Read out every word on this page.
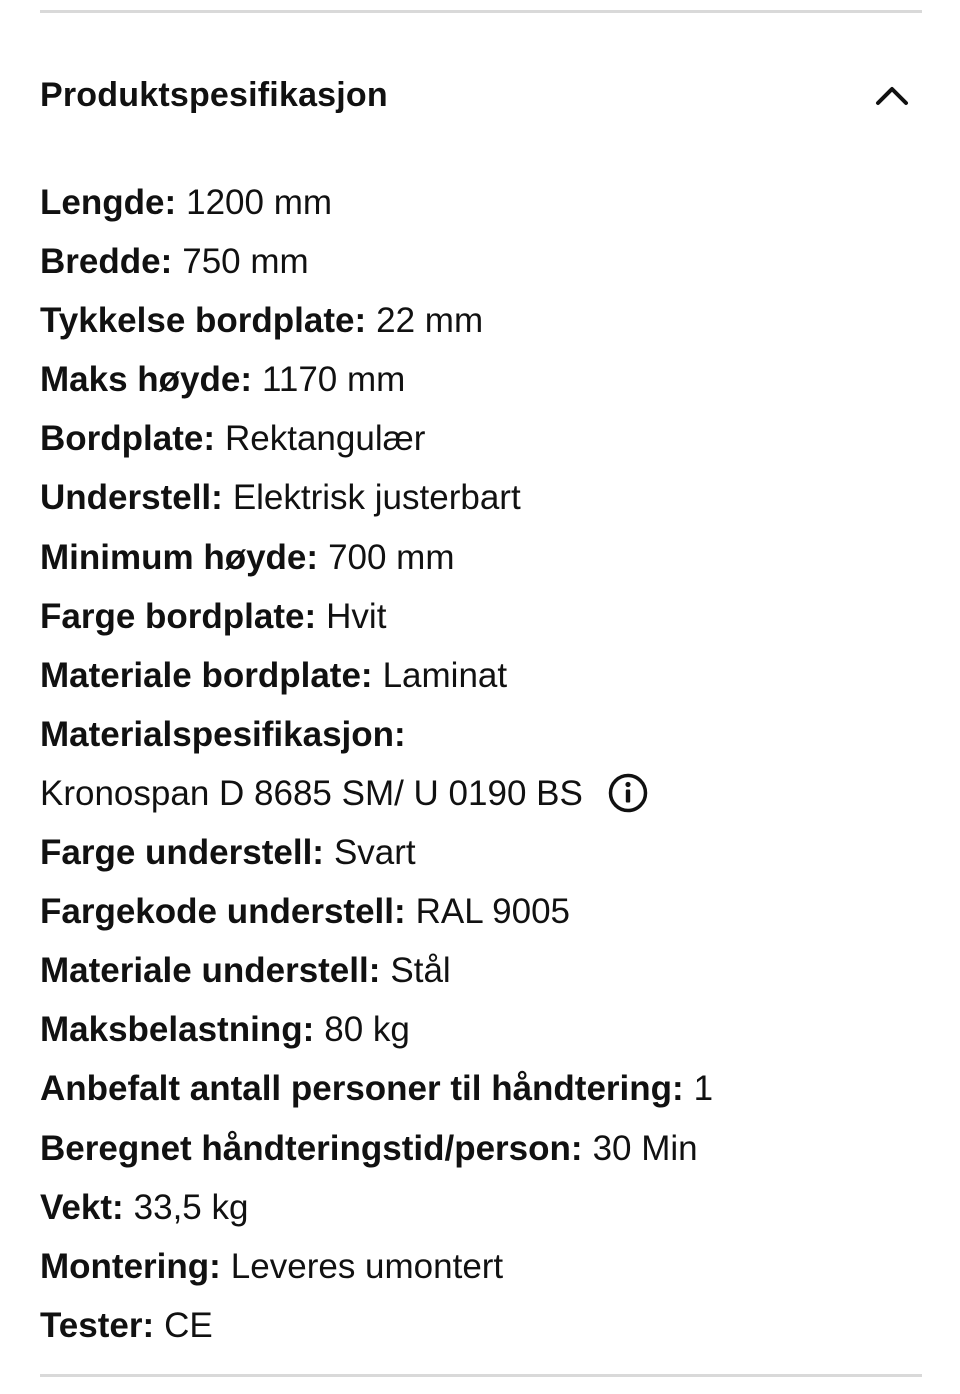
Produktspesifikasjon
Lengde: 1200 mm
Bredde: 750 mm
Tykkelse bordplate: 22 mm
Maks høyde: 1170 mm
Bordplate: Rektangulær
Understell: Elektrisk justerbart
Minimum høyde: 700 mm
Farge bordplate: Hvit
Materiale bordplate: Laminat
Materialspesifikasjon:
Kronospan D 8685 SM/ U 0190 BS
Farge understell: Svart
Fargekode understell: RAL 9005
Materiale understell: Stål
Maksbelastning: 80 kg
Anbefalt antall personer til håndtering: 1
Beregnet håndteringstid/person: 30 Min
Vekt: 33,5 kg
Montering: Leveres umontert
Tester: CE
